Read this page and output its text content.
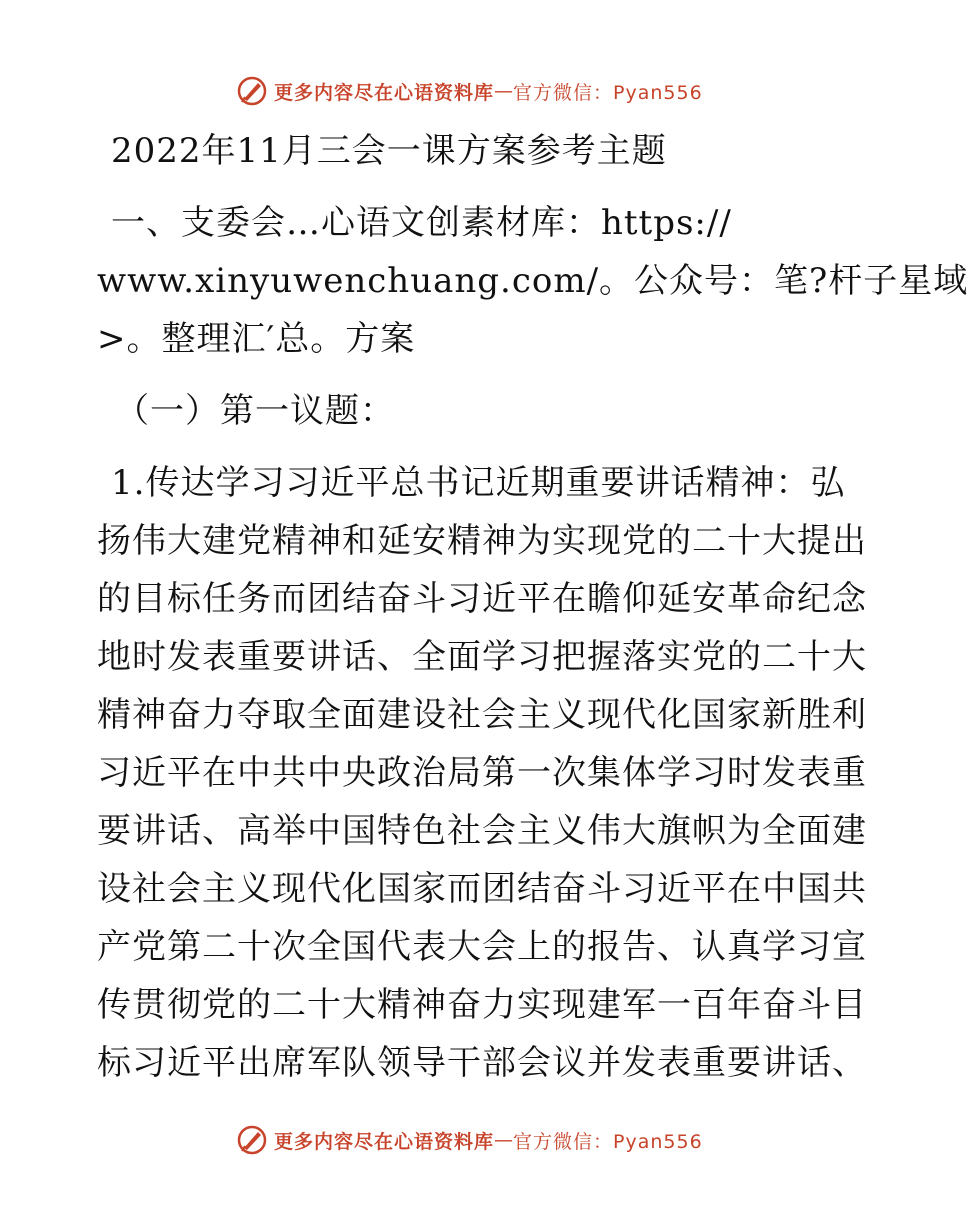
更多内容尽在心语资料库 — 官方微信：Pyan556
2022年11月三会一课方案参考主题
一、支委会…心语文创素材库：https://
www.xinyuwenchuang.com/。公众号：笔?杆子星域
>。整理汇′总。方案
（一）第一议题：
1.传达学习习近平总书记近期重要讲话精神：弘
扬伟大建党精神和延安精神为实现党的二十大提出
的目标任务而团结奋斗习近平在瞻仰延安革命纪念
地时发表重要讲话、全面学习把握落实党的二十大
精神奋力夺取全面建设社会主义现代化国家新胜利
习近平在中共中央政治局第一次集体学习时发表重
要讲话、高举中国特色社会主义伟大旗帜为全面建
设社会主义现代化国家而团结奋斗习近平在中国共
产党第二十次全国代表大会上的报告、认真学习宣
传贯彻党的二十大精神奋力实现建军一百年奋斗目
标习近平出席军队领导干部会议并发表重要讲话、
更多内容尽在心语资料库 — 官方微信：Pyan556
